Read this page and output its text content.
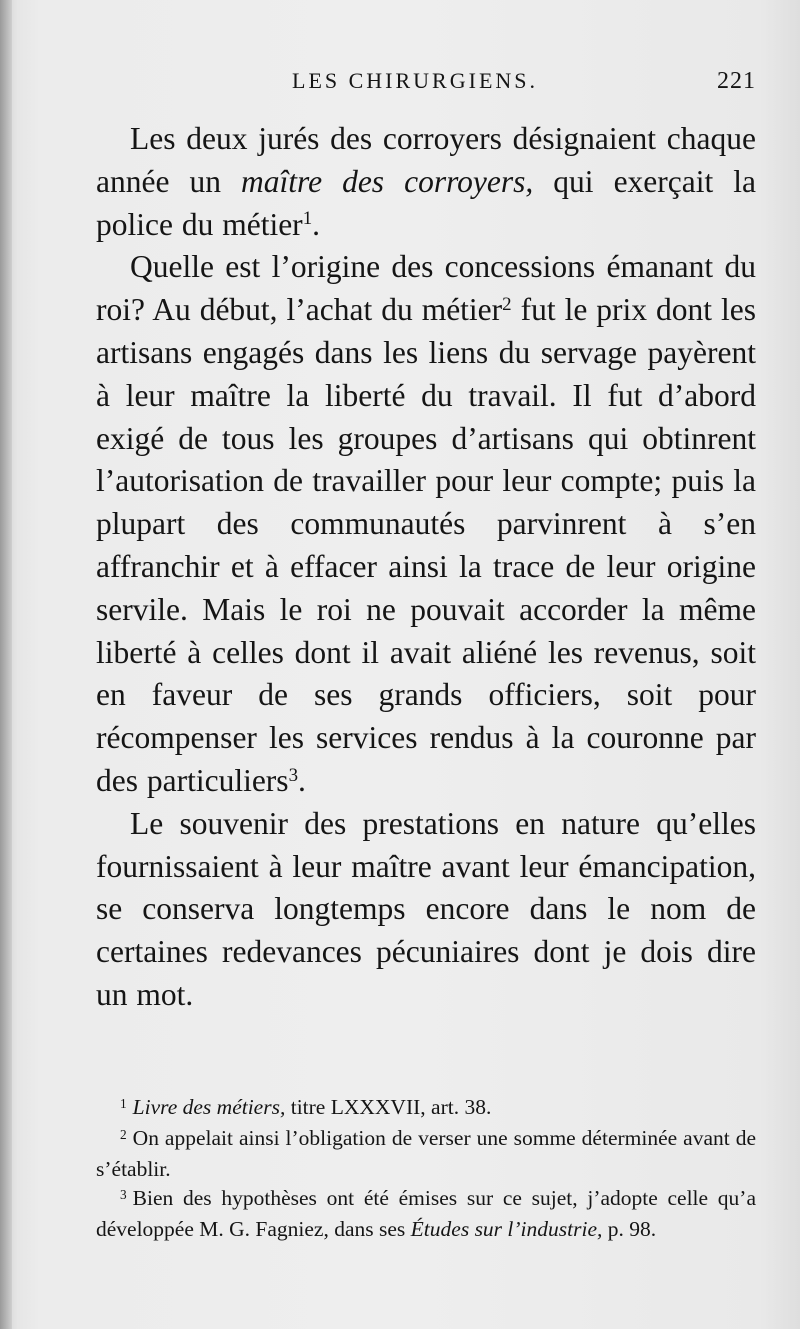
LES CHIRURGIENS.	221

Les deux jurés des corroyers désignaient chaque année un maître des corroyers, qui exerçait la police du métier$^1$.

Quelle est l’origine des concessions émanant du roi? Au début, l’achat du métier$^2$ fut le prix dont les artisans engagés dans les liens du servage payèrent à leur maître la liberté du travail. Il fut d’abord exigé de tous les groupes d’artisans qui obtinrent l’autorisation de travailler pour leur compte; puis la plupart des communautés parvinrent à s’en affranchir et à effacer ainsi la trace de leur origine servile. Mais le roi ne pouvait accorder la même liberté à celles dont il avait aliéné les revenus, soit en faveur de ses grands officiers, soit pour récompenser les services rendus à la couronne par des particuliers$^3$.

Le souvenir des prestations en nature qu’elles fournissaient à leur maître avant leur émancipation, se conserva longtemps encore dans le nom de certaines redevances pécuniaires dont je dois dire un mot.

$^1$ Livre des métiers, titre LXXXVII, art. 38.

$^2$ On appelait ainsi l’obligation de verser une somme déterminée avant de s’établir.

$^3$ Bien des hypothèses ont été émises sur ce sujet, j’adopte celle qu’a développée M. G. Fagniez, dans ses Études sur l’industrie, p. 98.
